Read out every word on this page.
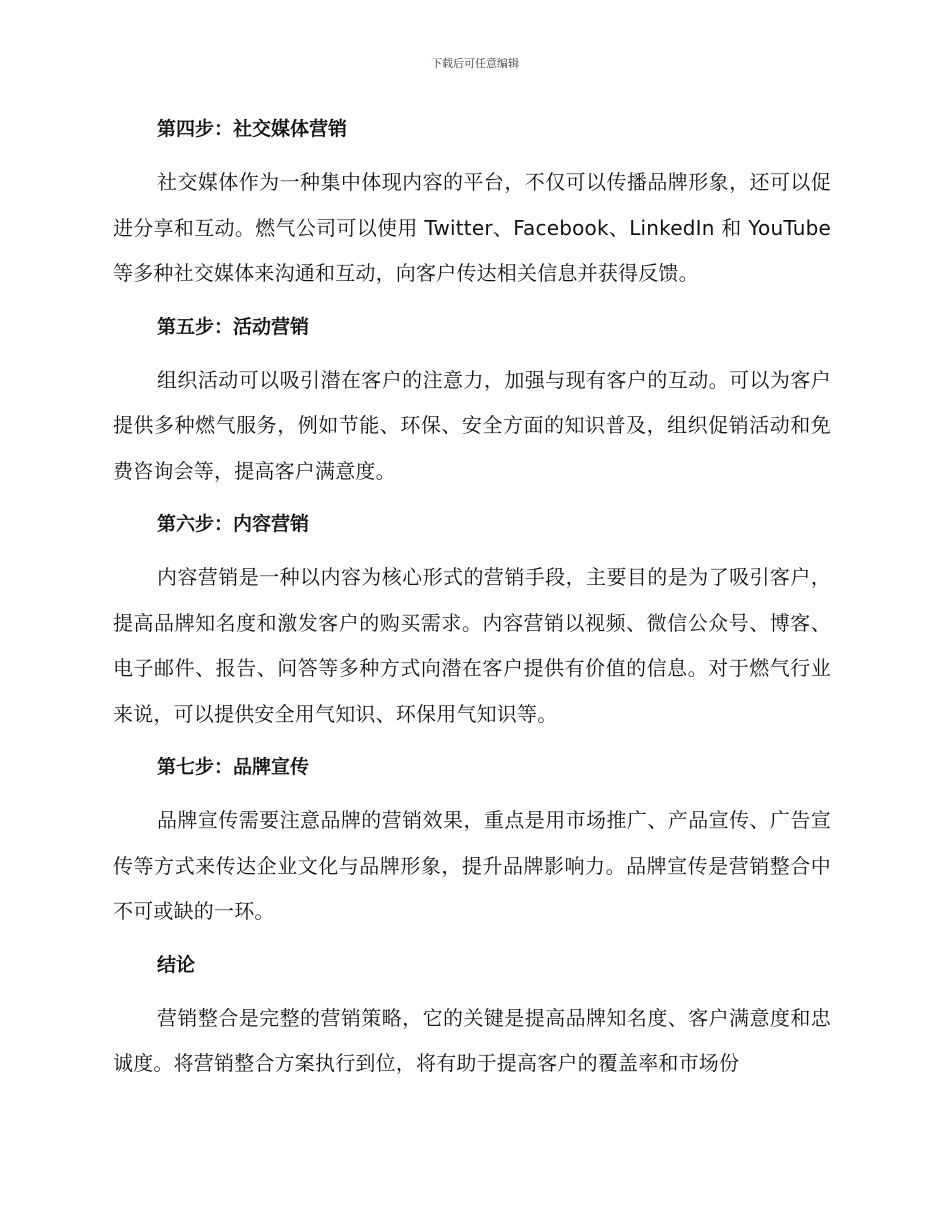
下载后可任意编辑
第四步：社交媒体营销

社交媒体作为一种集中体现内容的平台，不仅可以传播品牌形象，还可以促进分享和互动。燃气公司可以使用 Twitter、Facebook、LinkedIn 和 YouTube 等多种社交媒体来沟通和互动，向客户传达相关信息并获得反馈。

第五步：活动营销

组织活动可以吸引潜在客户的注意力，加强与现有客户的互动。可以为客户提供多种燃气服务，例如节能、环保、安全方面的知识普及，组织促销活动和免费咨询会等，提高客户满意度。

第六步：内容营销

内容营销是一种以内容为核心形式的营销手段，主要目的是为了吸引客户，提高品牌知名度和激发客户的购买需求。内容营销以视频、微信公众号、博客、电子邮件、报告、问答等多种方式向潜在客户提供有价值的信息。对于燃气行业来说，可以提供安全用气知识、环保用气知识等。

第七步：品牌宣传

品牌宣传需要注意品牌的营销效果，重点是用市场推广、产品宣传、广告宣传等方式来传达企业文化与品牌形象，提升品牌影响力。品牌宣传是营销整合中不可或缺的一环。

结论

营销整合是完整的营销策略，它的关键是提高品牌知名度、客户满意度和忠诚度。将营销整合方案执行到位，将有助于提高客户的覆盖率和市场份
